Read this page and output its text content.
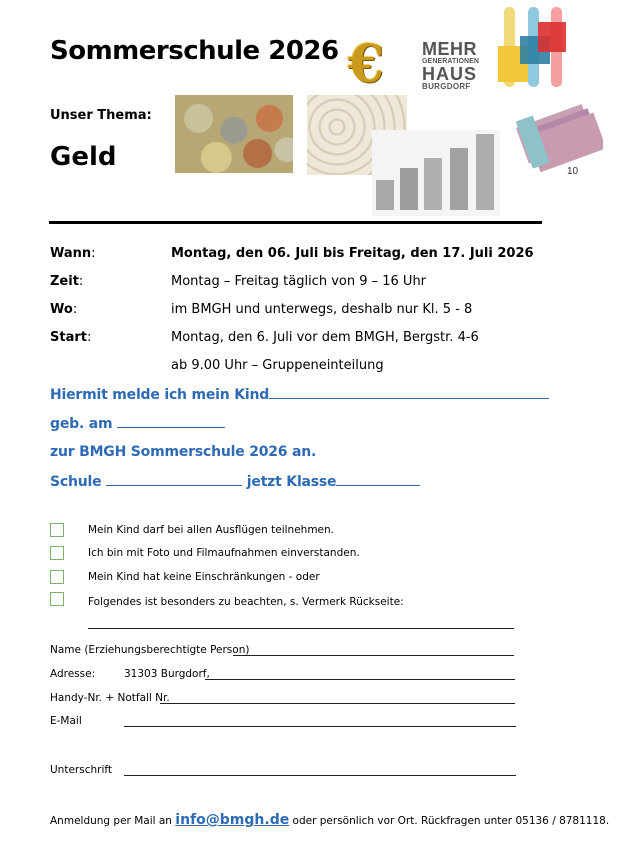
Sommerschule 2026
Unser Thema:
Geld
€	MEHR
GENERATIONEN
HAUS
BURGDORF
10
Wann:	Montag, den 06. Juli bis Freitag, den 17. Juli 2026
Zeit:	Montag – Freitag täglich von 9 – 16 Uhr
Wo:	im BMGH und unterwegs, deshalb nur Kl. 5 - 8
Start:	Montag, den 6. Juli vor dem BMGH, Bergstr. 4-6
ab 9.00 Uhr – Gruppeneinteilung
Hiermit melde ich mein Kind
geb. am
zur BMGH Sommerschule 2026 an.
Schule	jetzt Klasse
Mein Kind darf bei allen Ausflügen teilnehmen.
Ich bin mit Foto und Filmaufnahmen einverstanden.
Mein Kind hat keine Einschränkungen - oder
Folgendes ist besonders zu beachten, s. Vermerk Rückseite:
Name (Erziehungsberechtigte Person)
Adresse:	31303 Burgdorf,
Handy-Nr. + Notfall Nr.
E-Mail
Unterschrift
Anmeldung per Mail an info@bmgh.de oder persönlich vor Ort. Rückfragen unter 05136 / 8781118.
